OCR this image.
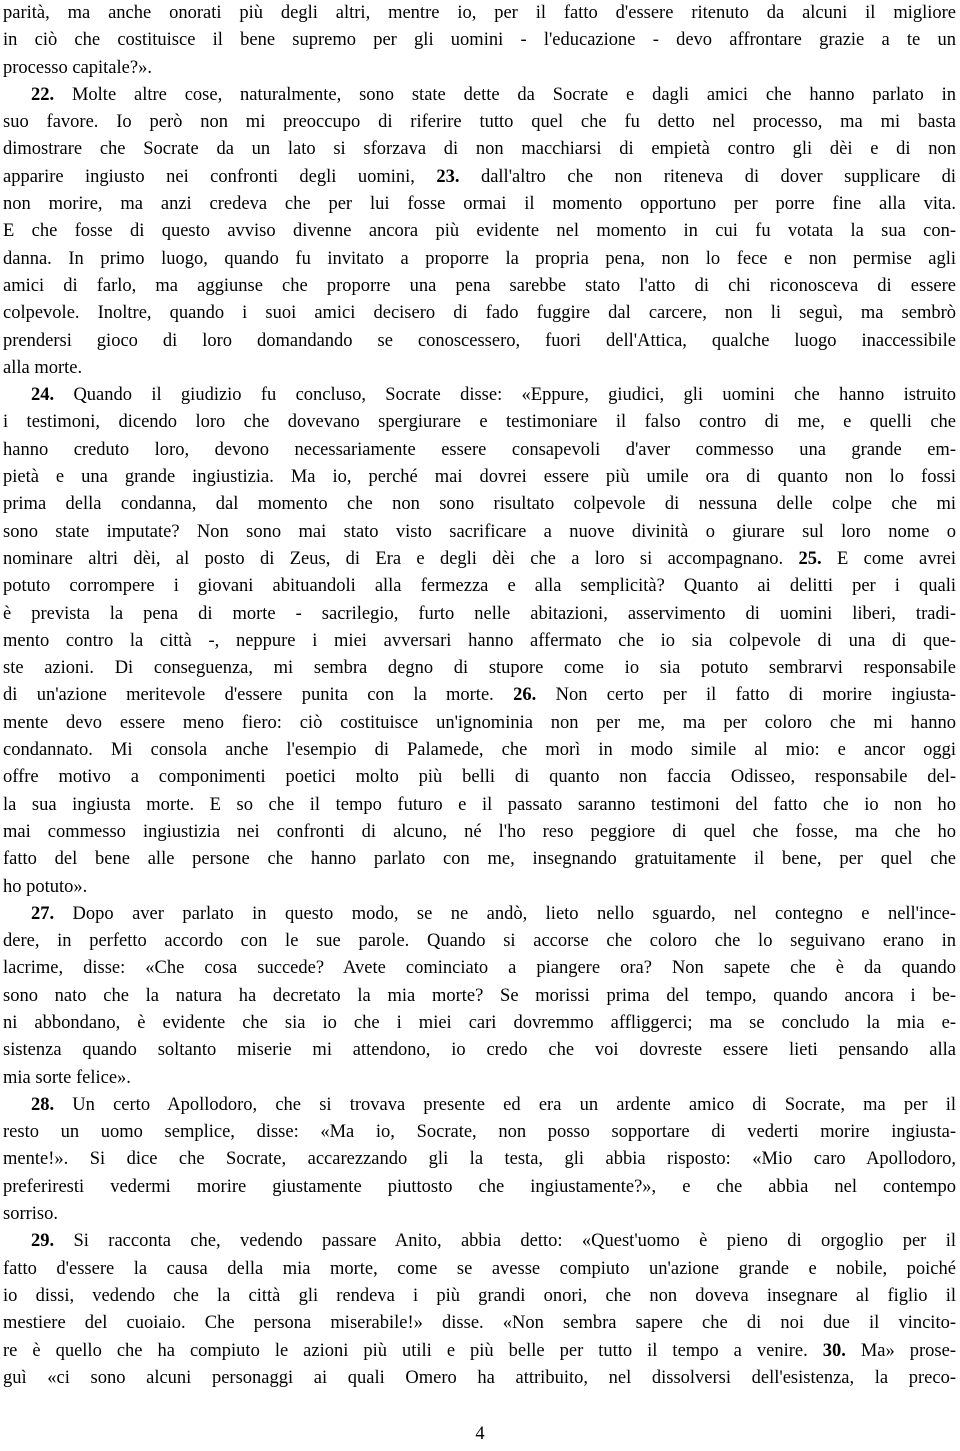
parità, ma anche onorati più degli altri, mentre io, per il fatto d'essere ritenuto da alcuni il migliore
in ciò che costituisce il bene supremo per gli uomini - l'educazione - devo affrontare grazie a te un
processo capitale?».
22. Molte altre cose, naturalmente, sono state dette da Socrate e dagli amici che hanno parlato in
suo favore. Io però non mi preoccupo di riferire tutto quel che fu detto nel processo, ma mi basta
dimostrare che Socrate da un lato si sforzava di non macchiarsi di empietà contro gli dèi e di non
apparire ingiusto nei confronti degli uomini, 23. dall'altro che non riteneva di dover supplicare di
non morire, ma anzi credeva che per lui fosse ormai il momento opportuno per porre fine alla vita.
E che fosse di questo avviso divenne ancora più evidente nel momento in cui fu votata la sua con-
danna. In primo luogo, quando fu invitato a proporre la propria pena, non lo fece e non permise agli
amici di farlo, ma aggiunse che proporre una pena sarebbe stato l'atto di chi riconosceva di essere
colpevole. Inoltre, quando i suoi amici decisero di fado fuggire dal carcere, non li seguì, ma sembrò
prendersi gioco di loro domandando se conoscessero, fuori dell'Attica, qualche luogo inaccessibile
alla morte.
24. Quando il giudizio fu concluso, Socrate disse: «Eppure, giudici, gli uomini che hanno istruito
i testimoni, dicendo loro che dovevano spergiurare e testimoniare il falso contro di me, e quelli che
hanno creduto loro, devono necessariamente essere consapevoli d'aver commesso una grande em-
pietà e una grande ingiustizia. Ma io, perché mai dovrei essere più umile ora di quanto non lo fossi
prima della condanna, dal momento che non sono risultato colpevole di nessuna delle colpe che mi
sono state imputate? Non sono mai stato visto sacrificare a nuove divinità o giurare sul loro nome o
nominare altri dèi, al posto di Zeus, di Era e degli dèi che a loro si accompagnano. 25. E come avrei
potuto corrompere i giovani abituandoli alla fermezza e alla semplicità? Quanto ai delitti per i quali
è prevista la pena di morte - sacrilegio, furto nelle abitazioni, asservimento di uomini liberi, tradi-
mento contro la città -, neppure i miei avversari hanno affermato che io sia colpevole di una di que-
ste azioni. Di conseguenza, mi sembra degno di stupore come io sia potuto sembrarvi responsabile
di un'azione meritevole d'essere punita con la morte. 26. Non certo per il fatto di morire ingiusta-
mente devo essere meno fiero: ciò costituisce un'ignominia non per me, ma per coloro che mi hanno
condannato. Mi consola anche l'esempio di Palamede, che morì in modo simile al mio: e ancor oggi
offre motivo a componimenti poetici molto più belli di quanto non faccia Odisseo, responsabile del-
la sua ingiusta morte. E so che il tempo futuro e il passato saranno testimoni del fatto che io non ho
mai commesso ingiustizia nei confronti di alcuno, né l'ho reso peggiore di quel che fosse, ma che ho
fatto del bene alle persone che hanno parlato con me, insegnando gratuitamente il bene, per quel che
ho potuto».
27. Dopo aver parlato in questo modo, se ne andò, lieto nello sguardo, nel contegno e nell'ince-
dere, in perfetto accordo con le sue parole. Quando si accorse che coloro che lo seguivano erano in
lacrime, disse: «Che cosa succede? Avete cominciato a piangere ora? Non sapete che è da quando
sono nato che la natura ha decretato la mia morte? Se morissi prima del tempo, quando ancora i be-
ni abbondano, è evidente che sia io che i miei cari dovremmo affliggerci; ma se concludo la mia e-
sistenza quando soltanto miserie mi attendono, io credo che voi dovreste essere lieti pensando alla
mia sorte felice».
28. Un certo Apollodoro, che si trovava presente ed era un ardente amico di Socrate, ma per il
resto un uomo semplice, disse: «Ma io, Socrate, non posso sopportare di vederti morire ingiusta-
mente!». Si dice che Socrate, accarezzando gli la testa, gli abbia risposto: «Mio caro Apollodoro,
preferiresti vedermi morire giustamente piuttosto che ingiustamente?», e che abbia nel contempo
sorriso.
29. Si racconta che, vedendo passare Anito, abbia detto: «Quest'uomo è pieno di orgoglio per il
fatto d'essere la causa della mia morte, come se avesse compiuto un'azione grande e nobile, poiché
io dissi, vedendo che la città gli rendeva i più grandi onori, che non doveva insegnare al figlio il
mestiere del cuoiaio. Che persona miserabile!» disse. «Non sembra sapere che di noi due il vincito-
re è quello che ha compiuto le azioni più utili e più belle per tutto il tempo a venire. 30. Ma» prose-
guì «ci sono alcuni personaggi ai quali Omero ha attribuito, nel dissolversi dell'esistenza, la preco-
4
